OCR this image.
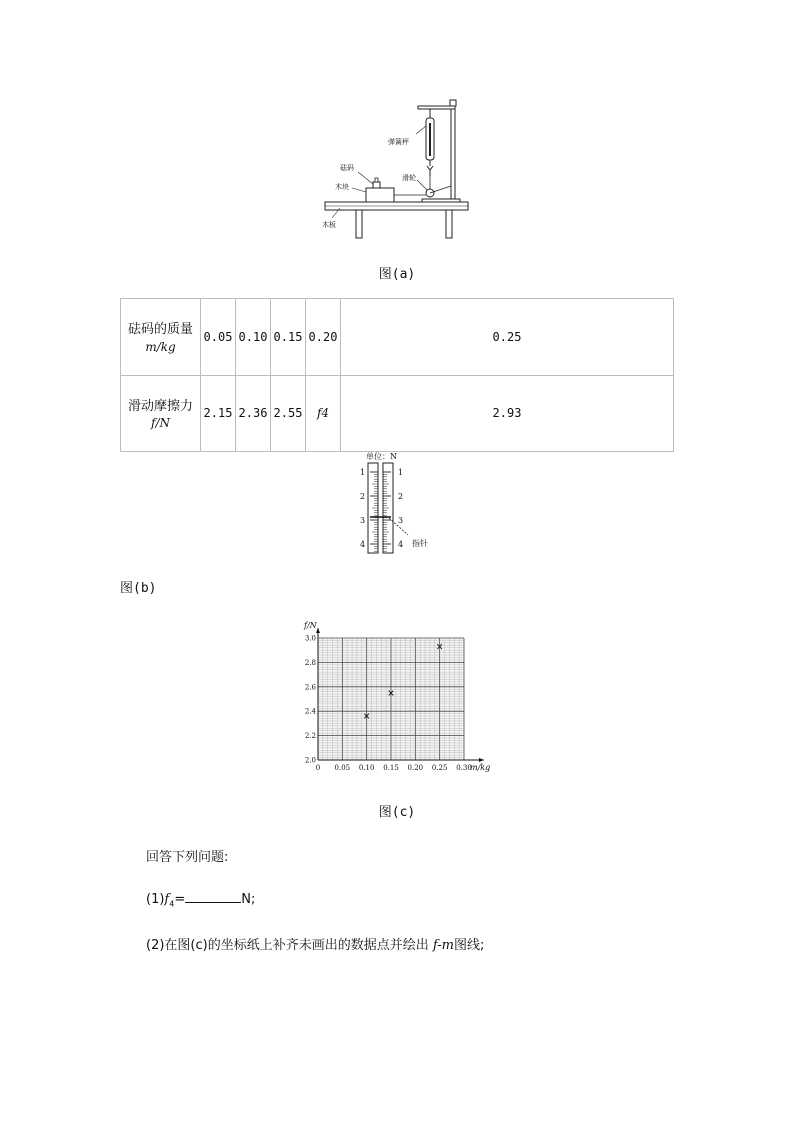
弹簧秤
砝码
滑轮
木块
木板
图(a)
砝码的质量
m/kg	0.05	0.10	0.15	0.20	0.25

滑动摩擦力
f/N	2.15	2.36	2.55	f4	2.93
单位：N
1
2
3
4
1
2
3
4 指针
图(b)
0 0.05 0.10 0.15 0.20 0.25 0.30
2.0
2.2
2.4
2.6
2.8
3.0
×
×
×
f/N
m/kg
图(c)
回答下列问题:
$(1)f_4=$	N;
(2)在图(c)的坐标纸上补齐未画出的数据点并绘出 f-m图线;
